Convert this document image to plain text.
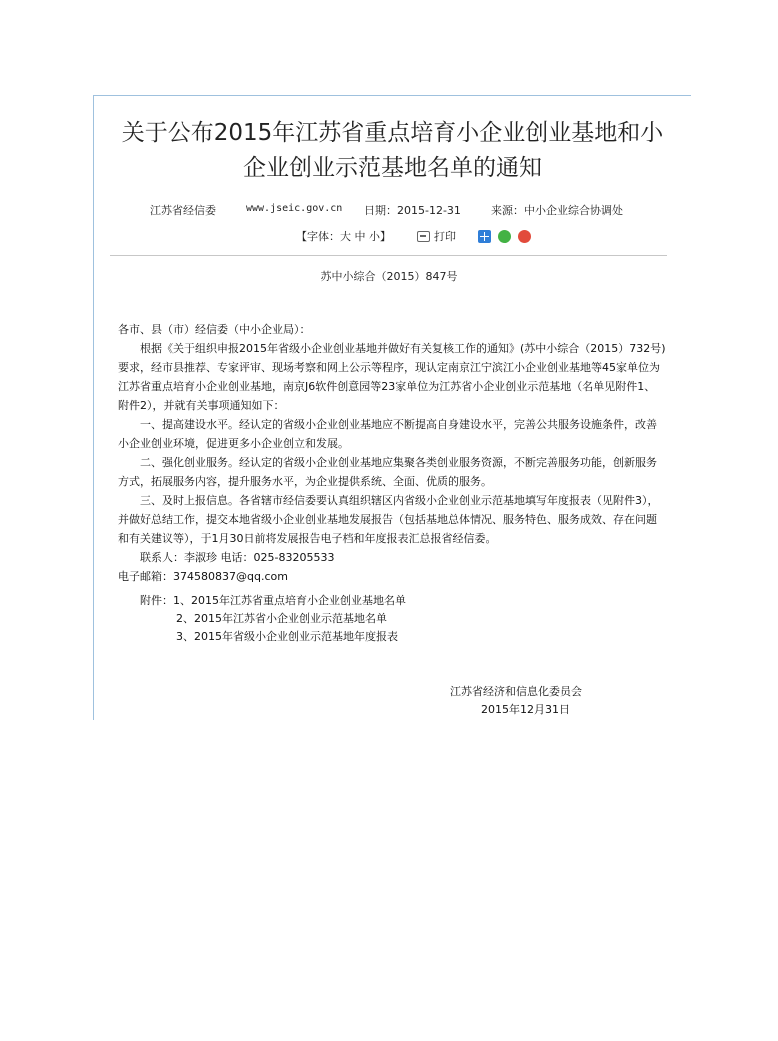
关于公布2015年江苏省重点培育小企业创业基地和小
企业创业示范基地名单的通知
江苏省经信委	www.jseic.gov.cn 日期：2015-12-31	来源：中小企业综合协调处
【字体：大 中 小】	打印
苏中小综合（2015）847号

各市、县（市）经信委（中小企业局）：

根据《关于组织申报2015年省级小企业创业基地并做好有关复核工作的通知》(苏中小综合（2015）732号)要求，经市县推荐、专家评审、现场考察和网上公示等程序，现认定南京江宁滨江小企业创业基地等45家单位为江苏省重点培育小企业创业基地，南京J6软件创意园等23家单位为江苏省小企业创业示范基地（名单见附件1、附件2），并就有关事项通知如下：

一、提高建设水平。经认定的省级小企业创业基地应不断提高自身建设水平，完善公共服务设施条件，改善小企业创业环境，促进更多小企业创立和发展。

二、强化创业服务。经认定的省级小企业创业基地应集聚各类创业服务资源，不断完善服务功能，创新服务方式，拓展服务内容，提升服务水平，为企业提供系统、全面、优质的服务。

三、及时上报信息。各省辖市经信委要认真组织辖区内省级小企业创业示范基地填写年度报表（见附件3），并做好总结工作，提交本地省级小企业创业基地发展报告（包括基地总体情况、服务特色、服务成效、存在问题和有关建议等），于1月30日前将发展报告电子档和年度报表汇总报省经信委。

联系人：李淑珍 电话：025-83205533

电子邮箱：374580837@qq.com

附件：1、2015年江苏省重点培育小企业创业基地名单
2、2015年江苏省小企业创业示范基地名单
3、2015年省级小企业创业示范基地年度报表
江苏省经济和信息化委员会
2015年12月31日
